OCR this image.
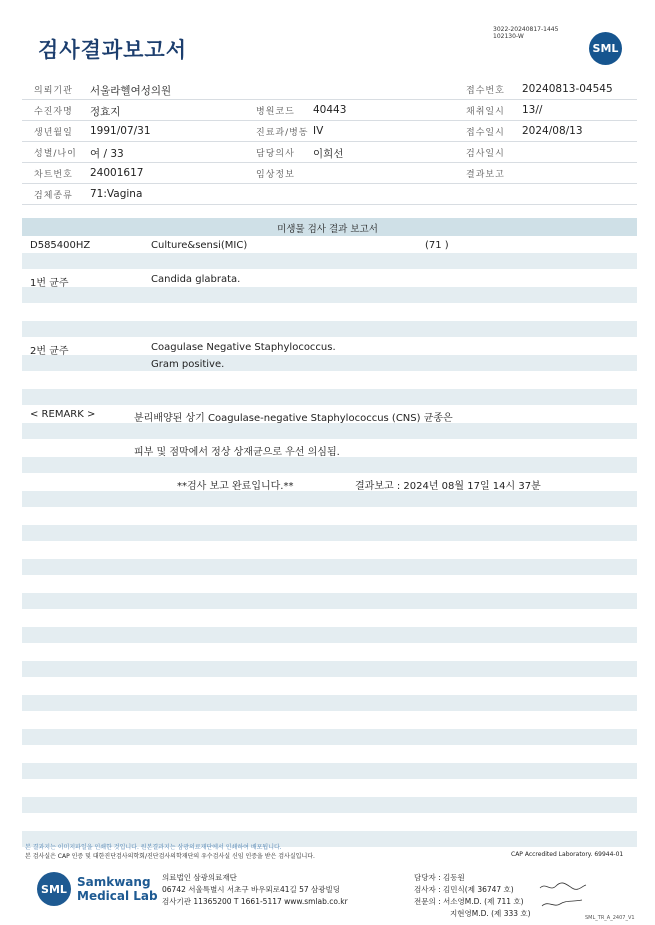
검사결과보고서
3022-20240817-1445
102130-W
SML
의뢰기관 서울라헬여성의원	접수번호 20240813-04545
수진자명 정효지	병원코드 40443	채취일시 13//
생년월일 1991/07/31	진료과/병동 IV	접수일시 2024/08/13
성별/나이 여 / 33	담당의사 이희선	검사일시
차트번호 24001617	임상정보	결과보고
검체종류 71:Vagina
미생물 검사 결과 보고서
D585400HZ	Culture&sensi(MIC)	(71 )
1번 균주	Candida glabrata.
2번 균주	Coagulase Negative Staphylococcus.
Gram positive.
< REMARK >	분리배양된 상기 Coagulase-negative Staphylococcus (CNS) 균종은
피부 및 점막에서 정상 상재균으로 우선 의심됨.
**검사 보고 완료입니다.**	결과보고 : 2024년 08월 17일 14시 37분
본 결과지는 이미지파일을 인쇄한 것입니다. 원본결과지는 삼광의료재단에서 인쇄하여 배포됩니다.
본 검사실은 CAP 인증 및 대한진단검사의학회/진단검사의학재단의 우수검사실 신임 인증을 받은 검사실입니다.	CAP Accredited Laboratory. 69944-01
SML Samkwang
Medical Lab
의료법인 삼광의료재단
06742 서울특별시 서초구 바우뫼로41길 57 삼광빌딩
검사기관 11365200 T 1661-5117 www.smlab.co.kr
담당자 : 김동원
검사자 : 김민식(제 36747 호)
전문의 : 서소영M.D. (제 711 호)
지현영M.D. (제 333 호)	SML_TR_A_2407_V1
